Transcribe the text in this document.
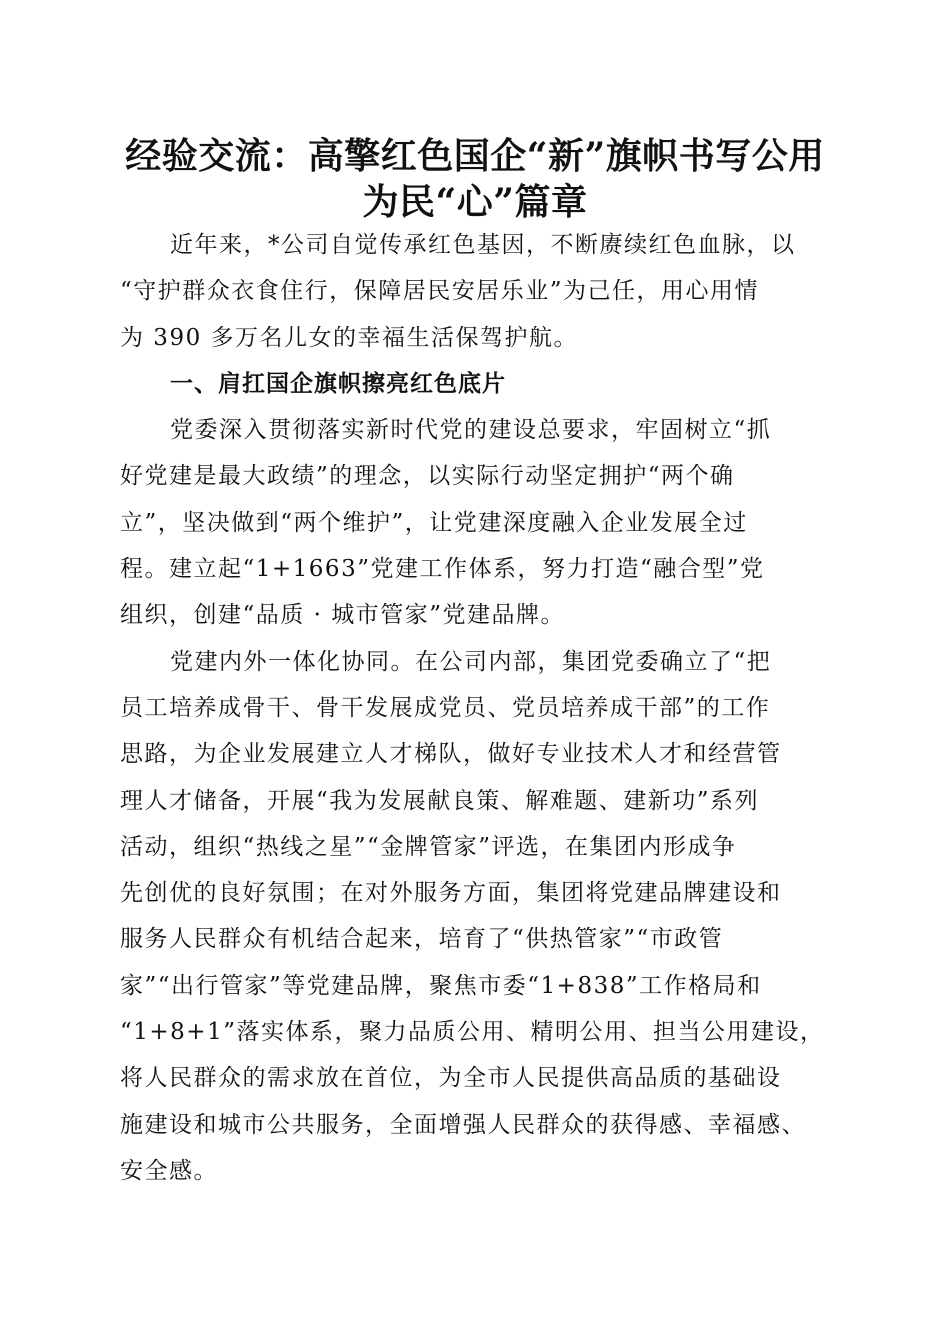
经验交流：高擎红色国企“新”旗帜书写公用
为民“心”篇章
近年来，*公司自觉传承红色基因，不断赓续红色血脉，以
“守护群众衣食住行，保障居民安居乐业”为己任，用心用情
为 390 多万名儿女的幸福生活保驾护航。
一、肩扛国企旗帜擦亮红色底片
党委深入贯彻落实新时代党的建设总要求，牢固树立“抓
好党建是最大政绩”的理念，以实际行动坚定拥护“两个确
立”，坚决做到“两个维护”，让党建深度融入企业发展全过
程。建立起“1+1663”党建工作体系，努力打造“融合型”党
组织，创建“品质 · 城市管家”党建品牌。
党建内外一体化协同。在公司内部，集团党委确立了“把
员工培养成骨干、骨干发展成党员、党员培养成干部”的工作
思路，为企业发展建立人才梯队，做好专业技术人才和经营管
理人才储备，开展“我为发展献良策、解难题、建新功”系列
活动，组织“热线之星”“金牌管家”评选，在集团内形成争
先创优的良好氛围；在对外服务方面，集团将党建品牌建设和
服务人民群众有机结合起来，培育了“供热管家”“市政管
家”“出行管家”等党建品牌，聚焦市委“1+838”工作格局和
“1+8+1”落实体系，聚力品质公用、精明公用、担当公用建设，
将人民群众的需求放在首位，为全市人民提供高品质的基础设
施建设和城市公共服务，全面增强人民群众的获得感、幸福感、
安全感。
